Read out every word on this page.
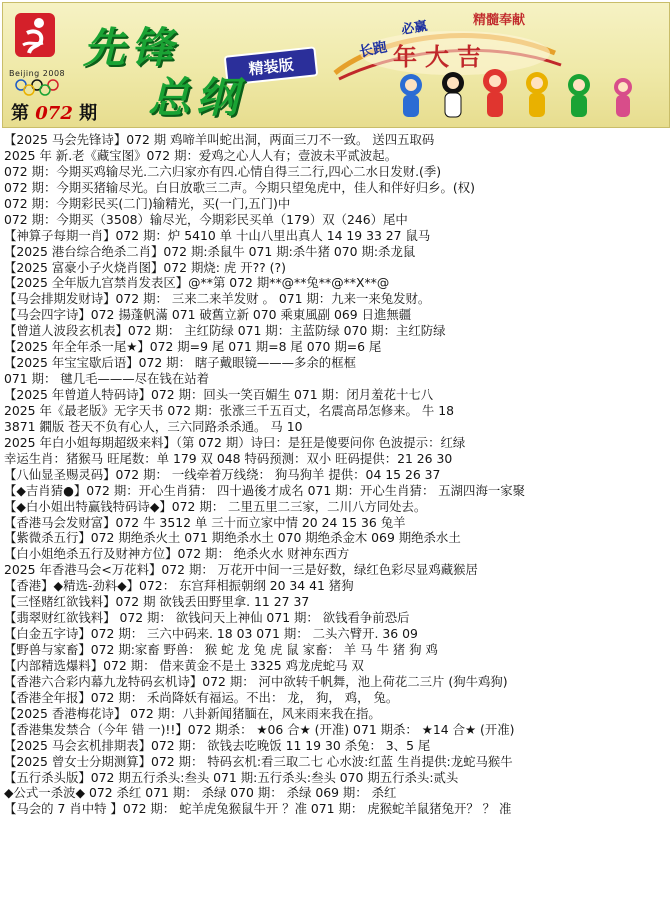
Beijing 2008
先锋	精装版
总纲
第 072 期
必赢	精髓奉献
长跑 年大吉
【2025 马会先锋诗】072 期 鸡啼羊叫蛇出洞，两面三刀不一致。 送四五取码
2025 年 新.老《藏宝图》072 期：爱鸡之心人人有；壹波未平贰波起。
072 期：今期买鸡输尽光.二六归家亦有四.心情自得三二行,四心二水日发财.(季)
072 期：今期买猪输尽光。白日放歌三二声。今期只望兔虎中，佳人和伴好归乡。(权)
072 期：今期彩民买(二门)输精光，买(一门,五门)中
072 期：今期买（3508）输尽光，今期彩民买单（179）双（246）尾中
【神算子每期一肖】072 期：炉 5410 单 十山八里出真人 14 19 33 27 鼠马
【2025 港台综合绝杀二肖】072 期:杀鼠牛 071 期:杀牛猪 070 期:杀龙鼠
【2025 富豪小子火烧肖图】072 期烧: 虎 开?? (?)
【2025 全年版九宫禁肖发表区】@**第 072 期**@**兔**@**X**@
【马会排期发财诗】072 期： 三来二来羊发财 。 071 期：九来一来兔发财。
【马会四字诗】072 揚蓬帆滿 071 破舊立新 070 乘東風副 069 日進無疆
【曾道人波段玄机表】072 期： 主红防绿 071 期：主蓝防绿 070 期：主红防绿
【2025 年全年杀一尾★】072 期=9 尾 071 期=8 尾 070 期=6 尾
【2025 年宝宝歇后语】072 期： 瞎子戴眼镜———多余的框框
071 期： 毽几毛———尽在钱在站着
【2025 年曾道人特码诗】072 期：回头一笑百媚生 071 期：闭月羞花十七八
2025 年《最老版》无字天书 072 期：张涨三千五百丈，名震高昂怎修来。 牛 18
3871 鐗版 苍天不负有心人，三六同路杀杀通。 马 10
2025 年白小姐每期超级来料】（第 072 期）诗曰：是狂是傻要问你 色波提示：红绿
幸运生肖：猪猴马 旺尾数：单 179 双 048 特码预测：双小 旺码提供：21 26 30
【八仙显圣赐灵码】072 期： 一线牵着万线绕： 狗马狗羊 提供：04 15 26 37
【◆吉肖猜●】072 期：开心生肖猜： 四十過後才成名 071 期：开心生肖猜： 五湖四海一家聚
【◆白小姐出特赢钱特码诗◆】072 期： 二里五里二三家，二川八方同处去。
【香港马会发财富】072 牛 3512 单 三十而立家中情 20 24 15 36 兔羊
【紫微杀五行】072 期绝杀火土 071 期绝杀水土 070 期绝杀金木 069 期绝杀水土
【白小姐绝杀五行及财神方位】072 期： 绝杀火水 财神东西方
2025 年香港马会<万花料】072 期： 万花开中间一三是好数，绿红色彩尽显鸡藏猴居
【香港】◆精选-劲料◆】072： 东宫拜相振朝纲 20 34 41 猪狗
【三怪赌红欲钱料】072 期 欲钱丢田野里拿. 11 27 37
【翡翠财红欲钱料】 072 期： 欲钱问天上神仙 071 期： 欲钱看争前恐后
【白金五字诗】072 期： 三六中码来. 18 03 071 期： 二头六臂开. 36 09
【野兽与家畜】072 期:家畜 野兽： 猴 蛇 龙 兔 虎 鼠 家畜： 羊 马 牛 猪 狗 鸡
【内部精选爆料】072 期： 借来黄金不是土 3325 鸡龙虎蛇马 双
【香港六合彩内幕九龙特码玄机诗】072 期： 河中欲转千帆舞，池上荷花二三片 (狗牛鸡狗)
【香港全年报】072 期： 禾尚降妖有福运。不出： 龙， 狗， 鸡， 兔。
【2025 香港梅花诗】 072 期：八卦新闻猪腼在，风来雨来我在指。
【香港集发禁合（今年 错 一)!!】072 期杀： ★06 合★ (开准) 071 期杀： ★14 合★ (开准)
【2025 马会玄机排期表】072 期： 欲钱去吃晚饭 11 19 30 杀兔： 3、5 尾
【2025 曾女士分期测算】072 期： 特码玄机:看三取二七 心水波:红蓝 生肖提供:龙蛇马猴牛
【五行杀头版】072 期五行杀头:叁头 071 期:五行杀头:叁头 070 期五行杀头:贰头
◆公式一杀波◆ 072 杀红 071 期： 杀绿 070 期： 杀绿 069 期： 杀红
【马会的 7 肖中特 】072 期： 蛇羊虎兔猴鼠牛开 ？准 071 期： 虎猴蛇羊鼠猪兔开？ ？ 准
